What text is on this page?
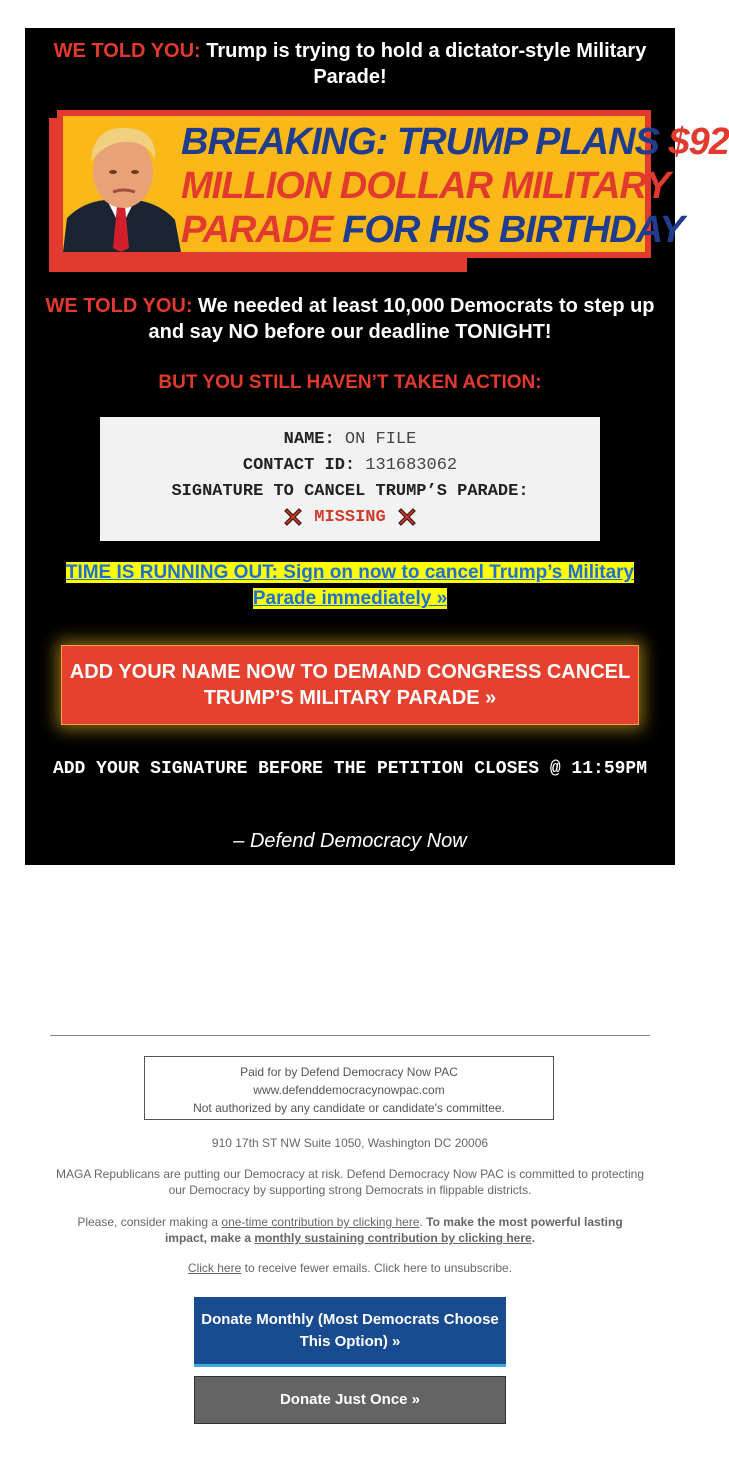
WE TOLD YOU: Trump is trying to hold a dictator-style Military Parade!
BREAKING: TRUMP PLANS $92
MILLION DOLLAR MILITARY
PARADE FOR HIS BIRTHDAY
WE TOLD YOU: We needed at least 10,000 Democrats to step up and say NO before our deadline TONIGHT!
BUT YOU STILL HAVEN’T TAKEN ACTION:
NAME: ON FILE
CONTACT ID: 131683062
SIGNATURE TO CANCEL TRUMP’S PARADE:
MISSING
TIME IS RUNNING OUT: Sign on now to cancel Trump’s Military Parade immediately »
ADD YOUR NAME NOW TO DEMAND CONGRESS CANCEL TRUMP’S MILITARY PARADE »
ADD YOUR SIGNATURE BEFORE THE PETITION CLOSES @ 11:59PM
– Defend Democracy Now
Paid for by Defend Democracy Now PAC
www.defenddemocracynowpac.com
Not authorized by any candidate or candidate's committee.
910 17th ST NW Suite 1050, Washington DC 20006
MAGA Republicans are putting our Democracy at risk. Defend Democracy Now PAC is committed to protecting our Democracy by supporting strong Democrats in flippable districts.
Please, consider making a one-time contribution by clicking here. To make the most powerful lasting impact, make a monthly sustaining contribution by clicking here.
Click here to receive fewer emails. Click here to unsubscribe.
Donate Monthly (Most Democrats Choose This Option) »
Donate Just Once »
